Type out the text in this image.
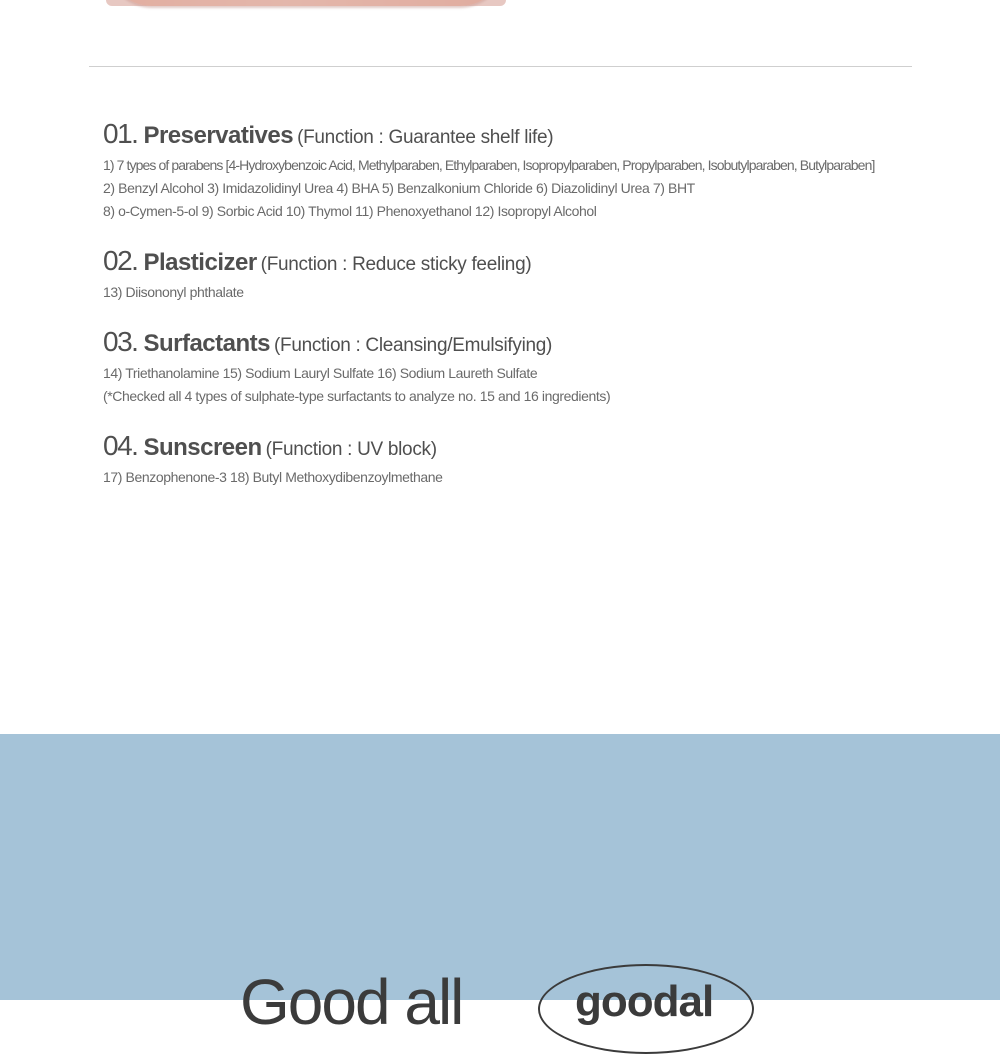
01. Preservatives (Function : Guarantee shelf life)
1) 7 types of parabens [4-Hydroxybenzoic Acid, Methylparaben, Ethylparaben, Isopropylparaben, Propylparaben, Isobutylparaben, Butylparaben]
2) Benzyl Alcohol 3) Imidazolidinyl Urea 4) BHA 5) Benzalkonium Chloride 6) Diazolidinyl Urea 7) BHT
8) o-Cymen-5-ol 9) Sorbic Acid 10) Thymol 11) Phenoxyethanol 12) Isopropyl Alcohol
02. Plasticizer (Function : Reduce sticky feeling)
13) Diisononyl phthalate
03. Surfactants (Function : Cleansing/Emulsifying)
14) Triethanolamine 15) Sodium Lauryl Sulfate 16) Sodium Laureth Sulfate
(*Checked all 4 types of sulphate-type surfactants to analyze no. 15 and 16 ingredients)
04. Sunscreen (Function : UV block)
17) Benzophenone-3 18) Butyl Methoxydibenzoylmethane
Good all	goodal
